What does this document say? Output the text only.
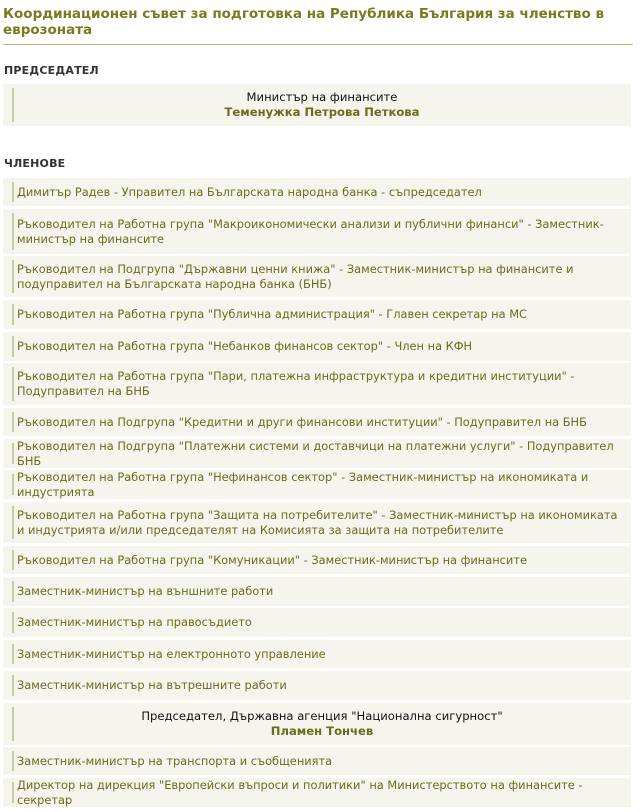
Координационен съвет за подготовка на Република България за членство в еврозоната
ПРЕДСЕДАТЕЛ
Министър на финансите
Теменужка Петрова Петкова
ЧЛЕНОВЕ
Димитър Радев - Управител на Българската народна банка - съпредседател
Ръководител на Работна група "Макроикономически анализи и публични финанси" - Заместник-министър на финансите
Ръководител на Подгрупа "Държавни ценни книжа" - Заместник-министър на финансите и подуправител на Българската народна банка (БНБ)
Ръководител на Работна група "Публична администрация" - Главен секретар на МС
Ръководител на Работна група "Небанков финансов сектор" - Член на КФН
Ръководител на Работна група "Пари, платежна инфраструктура и кредитни институции" - Подуправител на БНБ
Ръководител на Подгрупа "Кредитни и други финансови институции" - Подуправител на БНБ
Ръководител на Подгрупа "Платежни системи и доставчици на платежни услуги" - Подуправител БНБ
Ръководител на Работна група "Нефинансов сектор" - Заместник-министър на икономиката и индустрията
Ръководител на Работна група "Защита на потребителите" - Заместник-министър на икономиката и индустрията и/или председателят на Комисията за защита на потребителите
Ръководител на Работна група "Комуникации" - Заместник-министър на финансите
Заместник-министър на външните работи
Заместник-министър на правосъдието
Заместник-министър на електронното управление
Заместник-министър на вътрешните работи
Председател, Държавна агенция "Национална сигурност"
Пламен Тончев
Заместник-министър на транспорта и съобщенията
Директор на дирекция "Европейски въпроси и политики" на Министерството на финансите - секретар
